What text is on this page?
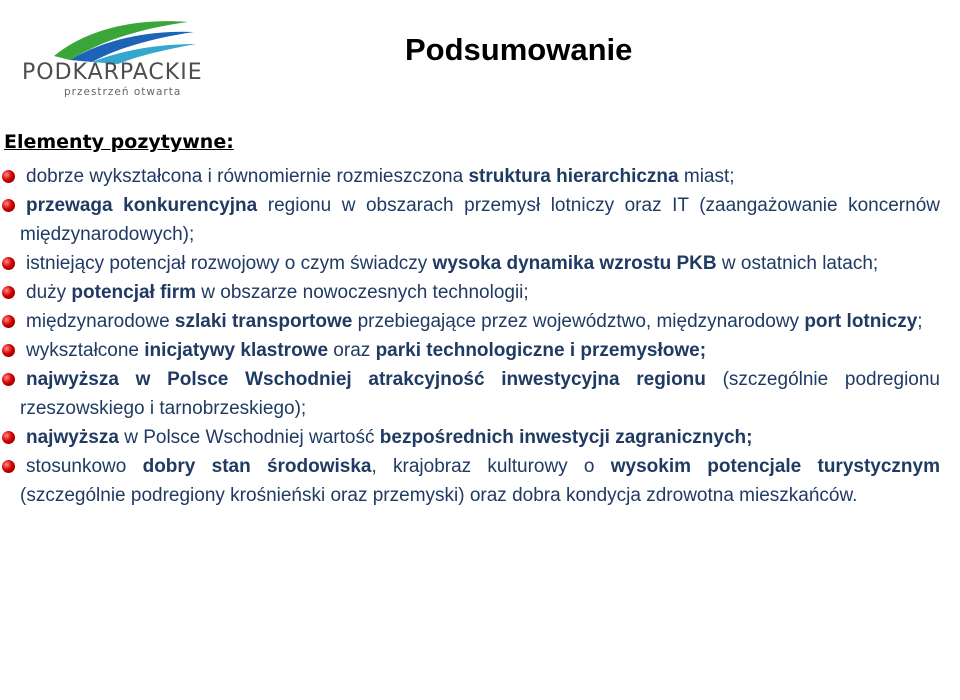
PODKARPACKIE
przestrzeń otwarta
Podsumowanie
Elementy pozytywne:
dobrze wykształcona i równomiernie rozmieszczona struktura hierarchiczna miast;
przewaga konkurencyjna regionu w obszarach przemysł lotniczy oraz IT (zaangażowanie koncernów międzynarodowych);
istniejący potencjał rozwojowy o czym świadczy wysoka dynamika wzrostu PKB w ostatnich latach;
duży potencjał firm w obszarze nowoczesnych technologii;
międzynarodowe szlaki transportowe przebiegające przez województwo, międzynarodowy port lotniczy;
wykształcone inicjatywy klastrowe oraz parki technologiczne i przemysłowe;
najwyższa w Polsce Wschodniej atrakcyjność inwestycyjna regionu (szczególnie podregionu rzeszowskiego i tarnobrzeskiego);
najwyższa w Polsce Wschodniej wartość bezpośrednich inwestycji zagranicznych;
stosunkowo dobry stan środowiska, krajobraz kulturowy o wysokim potencjale turystycznym (szczególnie podregiony krośnieński oraz przemyski) oraz dobra kondycja zdrowotna mieszkańców.
